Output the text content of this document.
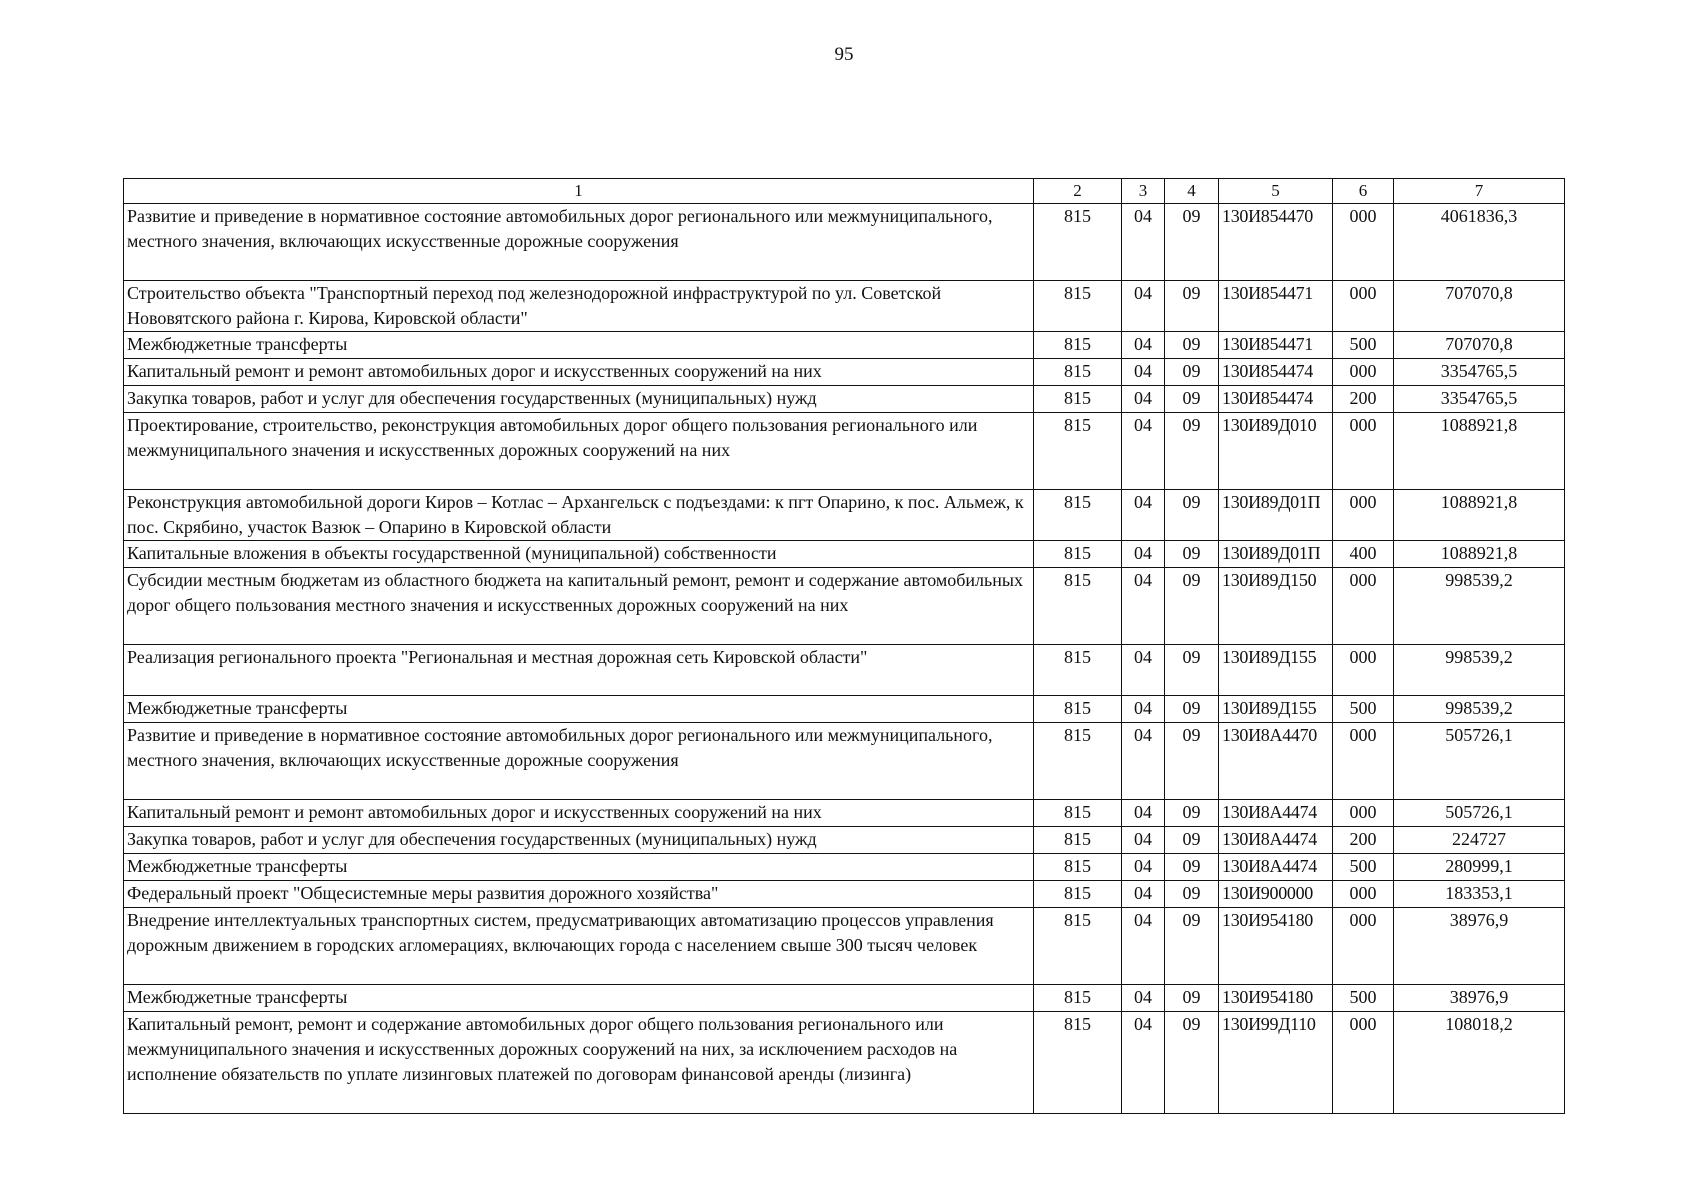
95
1	2	3	4	5	6	7
Развитие и приведение в нормативное состояние автомобильных дорог регионального или межмуниципального, местного значения, включающих искусственные дорожные сооружения	815	04	09	130И854470	000	4061836,3
Строительство объекта "Транспортный переход под железнодорожной инфраструктурой по ул. Советской Нововятского района г. Кирова, Кировской области"	815	04	09	130И854471	000	707070,8
Межбюджетные трансферты	815	04	09	130И854471	500	707070,8
Капитальный ремонт и ремонт автомобильных дорог и искусственных сооружений на них	815	04	09	130И854474	000	3354765,5
Закупка товаров, работ и услуг для обеспечения государственных (муниципальных) нужд	815	04	09	130И854474	200	3354765,5
Проектирование, строительство, реконструкция автомобильных дорог общего пользования регионального или межмуниципального значения и искусственных дорожных сооружений на них	815	04	09	130И89Д010	000	1088921,8
Реконструкция автомобильной дороги Киров – Котлас – Архангельск с подъездами: к пгт Опарино, к пос. Альмеж, к пос. Скрябино, участок Вазюк – Опарино в Кировской области	815	04	09	130И89Д01П	000	1088921,8
Капитальные вложения в объекты государственной (муниципальной) собственности	815	04	09	130И89Д01П	400	1088921,8
Субсидии местным бюджетам из областного бюджета на капитальный ремонт, ремонт и содержание автомобильных дорог общего пользования местного значения и искусственных дорожных сооружений на них	815	04	09	130И89Д150	000	998539,2
Реализация регионального проекта "Региональная и местная дорожная сеть Кировской области"	815	04	09	130И89Д155	000	998539,2
Межбюджетные трансферты	815	04	09	130И89Д155	500	998539,2
Развитие и приведение в нормативное состояние автомобильных дорог регионального или межмуниципального, местного значения, включающих искусственные дорожные сооружения	815	04	09	130И8А4470	000	505726,1
Капитальный ремонт и ремонт автомобильных дорог и искусственных сооружений на них	815	04	09	130И8А4474	000	505726,1
Закупка товаров, работ и услуг для обеспечения государственных (муниципальных) нужд	815	04	09	130И8А4474	200	224727
Межбюджетные трансферты	815	04	09	130И8А4474	500	280999,1
Федеральный проект "Общесистемные меры развития дорожного хозяйства"	815	04	09	130И900000	000	183353,1
Внедрение интеллектуальных транспортных систем, предусматривающих автоматизацию процессов управления дорожным движением в городских агломерациях, включающих города с населением свыше 300 тысяч человек	815	04	09	130И954180	000	38976,9
Межбюджетные трансферты	815	04	09	130И954180	500	38976,9
Капитальный ремонт, ремонт и содержание автомобильных дорог общего пользования регионального или межмуниципального значения и искусственных дорожных сооружений на них, за исключением расходов на исполнение обязательств по уплате лизинговых платежей по договорам финансовой аренды (лизинга)	815	04	09	130И99Д110	000	108018,2
